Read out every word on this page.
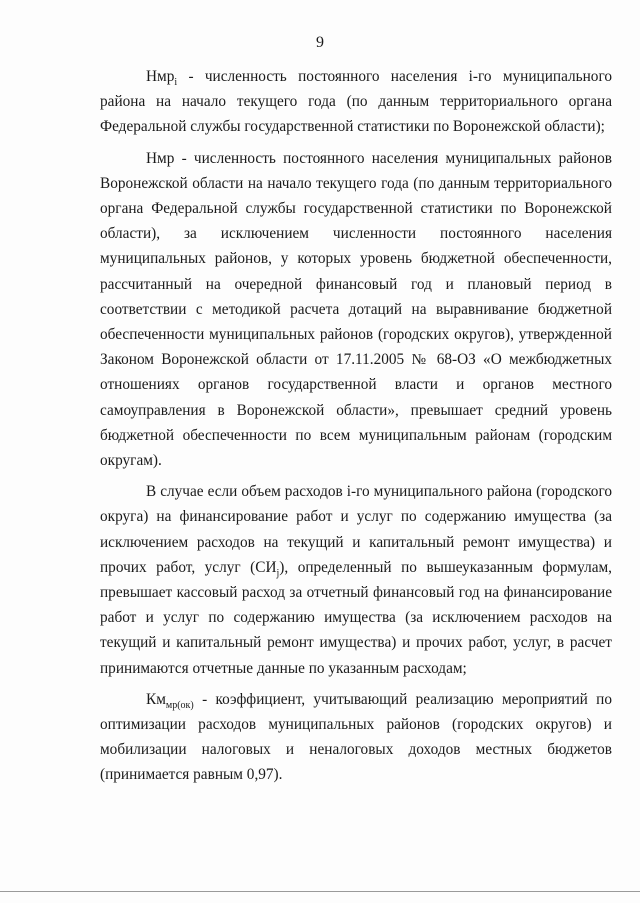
9

Нмр$_i$ - численность постоянного населения i-го муниципального района на начало текущего года (по данным территориального органа Федеральной службы государственной статистики по Воронежской области);

Нмр - численность постоянного населения муниципальных районов Воронежской области на начало текущего года (по данным территориального органа Федеральной службы государственной статистики по Воронежской области), за исключением численности постоянного населения муниципальных районов, у которых уровень бюджетной обеспеченности, рассчитанный на очередной финансовый год и плановый период в соответствии с методикой расчета дотаций на выравнивание бюджетной обеспеченности муниципальных районов (городских округов), утвержденной Законом Воронежской области от 17.11.2005 № 68-ОЗ «О межбюджетных отношениях органов государственной власти и органов местного самоуправления в Воронежской области», превышает средний уровень бюджетной обеспеченности по всем муниципальным районам (городским округам).

В случае если объем расходов i-го муниципального района (городского округа) на финансирование работ и услуг по содержанию имущества (за исключением расходов на текущий и капитальный ремонт имущества) и прочих работ, услуг $(СИ_j)$, определенный по вышеуказанным формулам, превышает кассовый расход за отчетный финансовый год на финансирование работ и услуг по содержанию имущества (за исключением расходов на текущий и капитальный ремонт имущества) и прочих работ, услуг, в расчет принимаются отчетные данные по указанным расходам;

$Км_{мр(ок)}$ - коэффициент, учитывающий реализацию мероприятий по оптимизации расходов муниципальных районов (городских округов) и мобилизации налоговых и неналоговых доходов местных бюджетов (принимается равным 0,97).
